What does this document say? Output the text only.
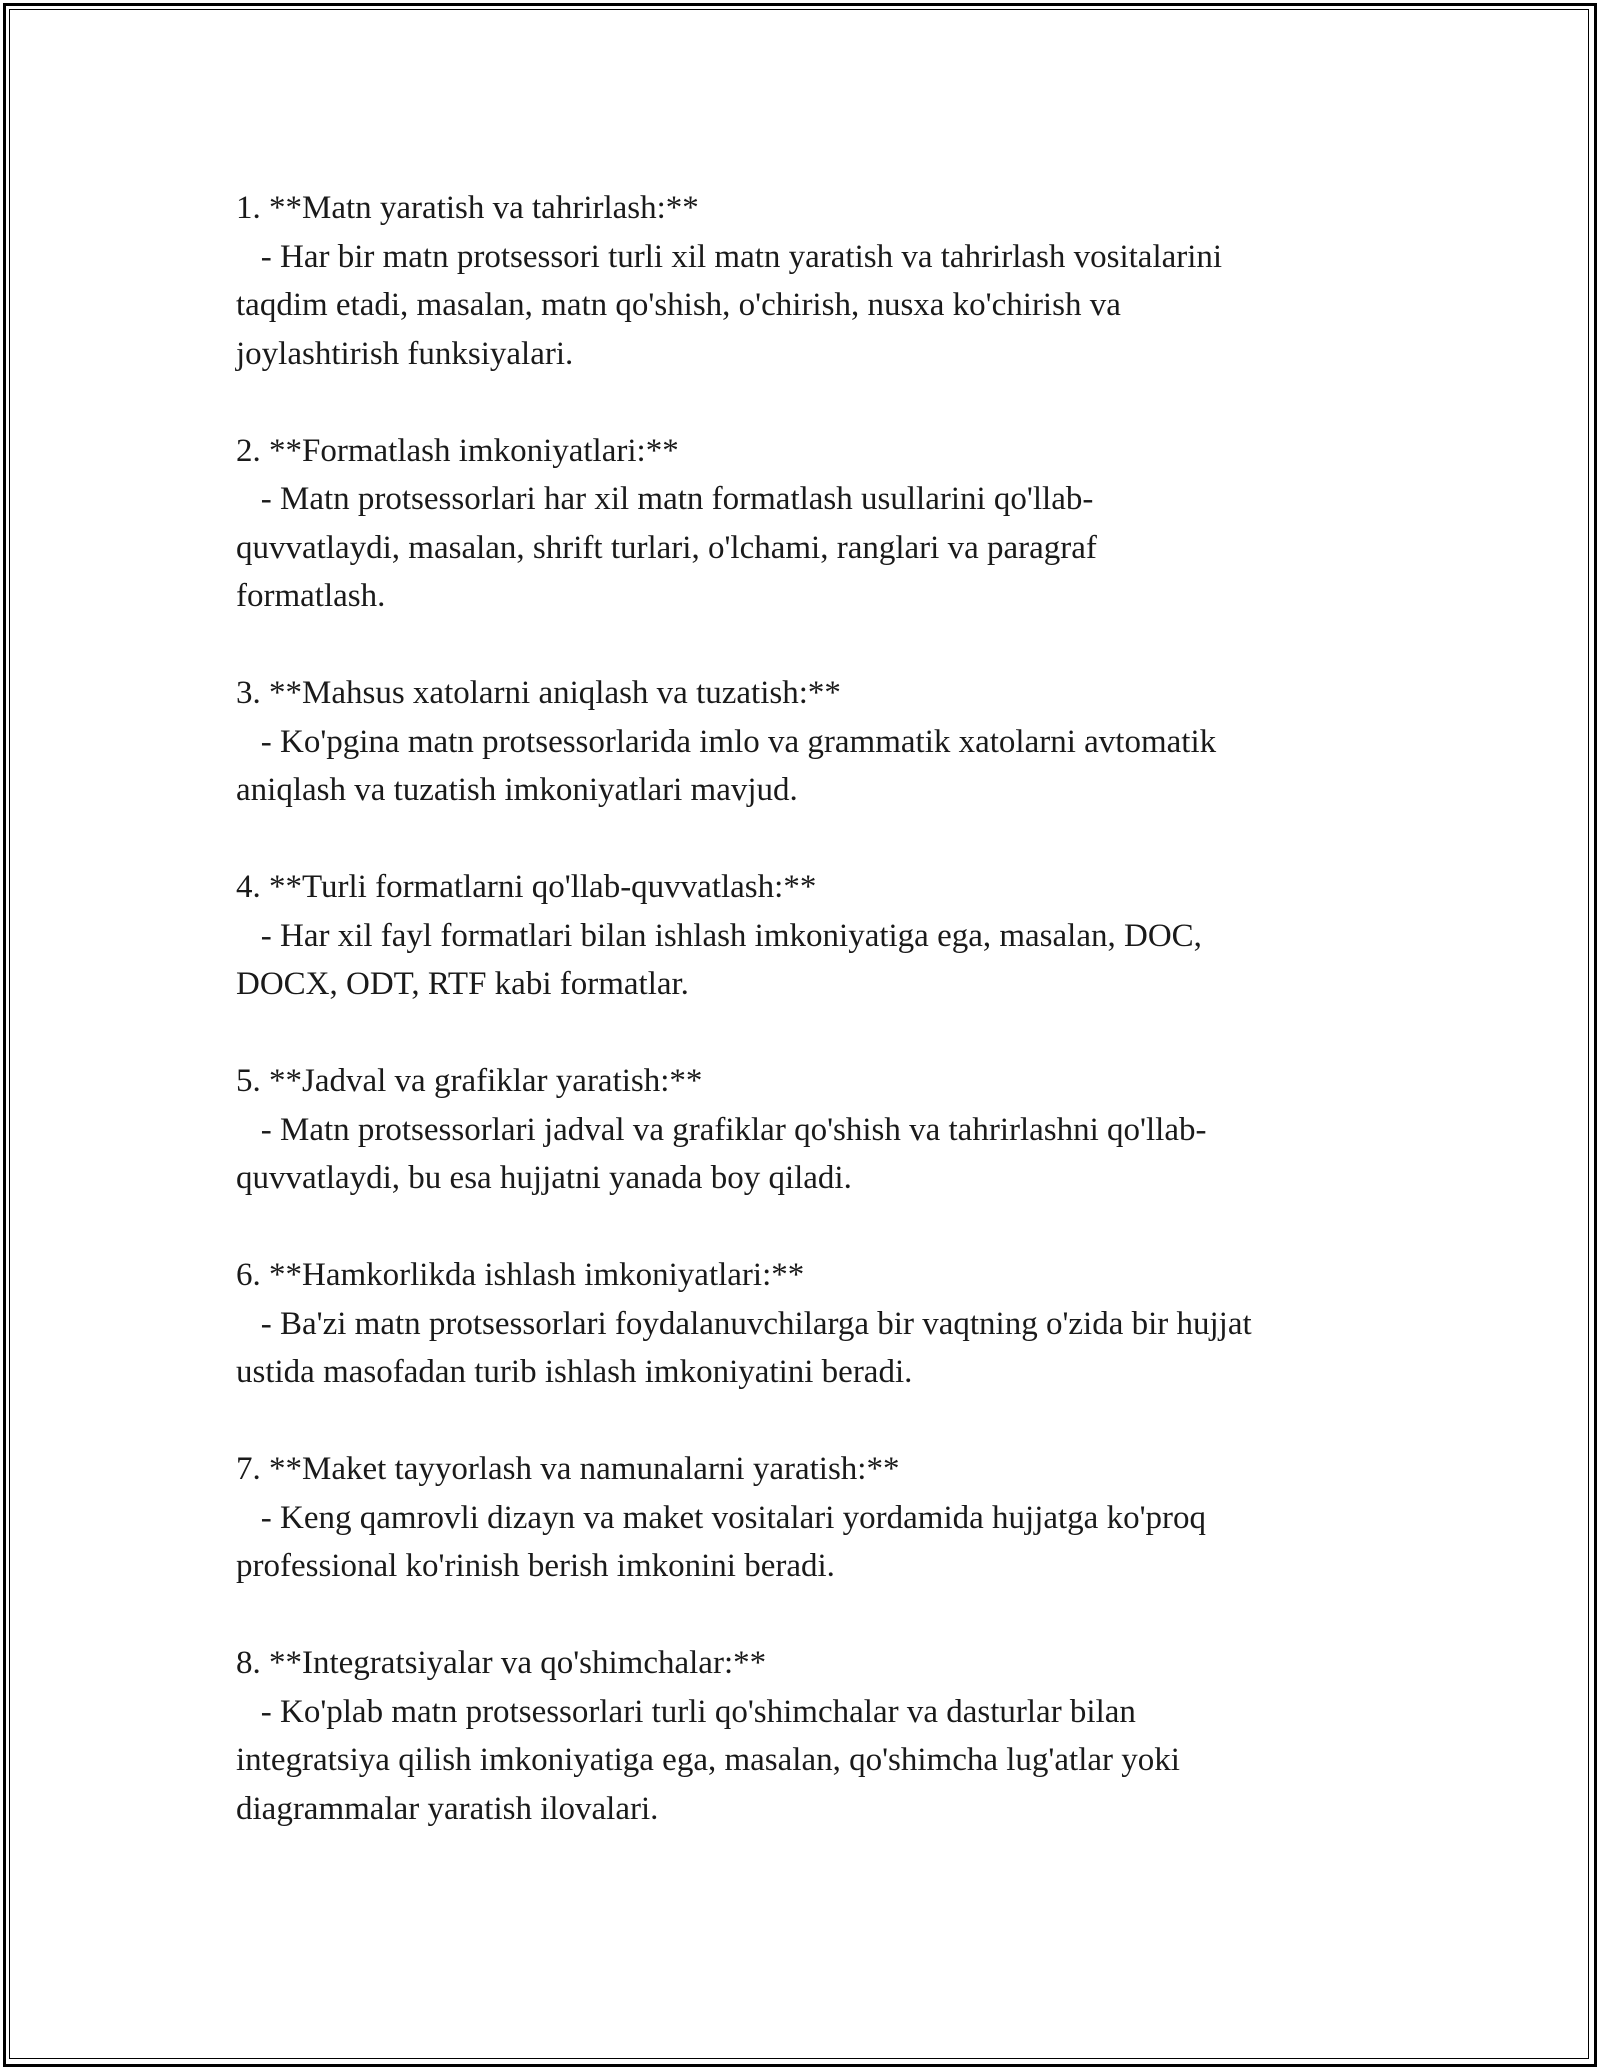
1. **Matn yaratish va tahrirlash:**
- Har bir matn protsessori turli xil matn yaratish va tahrirlash vositalarini
taqdim etadi, masalan, matn qo'shish, o'chirish, nusxa ko'chirish va
joylashtirish funksiyalari.
2. **Formatlash imkoniyatlari:**
- Matn protsessorlari har xil matn formatlash usullarini qo'llab-
quvvatlaydi, masalan, shrift turlari, o'lchami, ranglari va paragraf
formatlash.
3. **Mahsus xatolarni aniqlash va tuzatish:**
- Ko'pgina matn protsessorlarida imlo va grammatik xatolarni avtomatik
aniqlash va tuzatish imkoniyatlari mavjud.
4. **Turli formatlarni qo'llab-quvvatlash:**
- Har xil fayl formatlari bilan ishlash imkoniyatiga ega, masalan, DOC,
DOCX, ODT, RTF kabi formatlar.
5. **Jadval va grafiklar yaratish:**
- Matn protsessorlari jadval va grafiklar qo'shish va tahrirlashni qo'llab-
quvvatlaydi, bu esa hujjatni yanada boy qiladi.
6. **Hamkorlikda ishlash imkoniyatlari:**
- Ba'zi matn protsessorlari foydalanuvchilarga bir vaqtning o'zida bir hujjat
ustida masofadan turib ishlash imkoniyatini beradi.
7. **Maket tayyorlash va namunalarni yaratish:**
- Keng qamrovli dizayn va maket vositalari yordamida hujjatga ko'proq
professional ko'rinish berish imkonini beradi.
8. **Integratsiyalar va qo'shimchalar:**
- Ko'plab matn protsessorlari turli qo'shimchalar va dasturlar bilan
integratsiya qilish imkoniyatiga ega, masalan, qo'shimcha lug'atlar yoki
diagrammalar yaratish ilovalari.
